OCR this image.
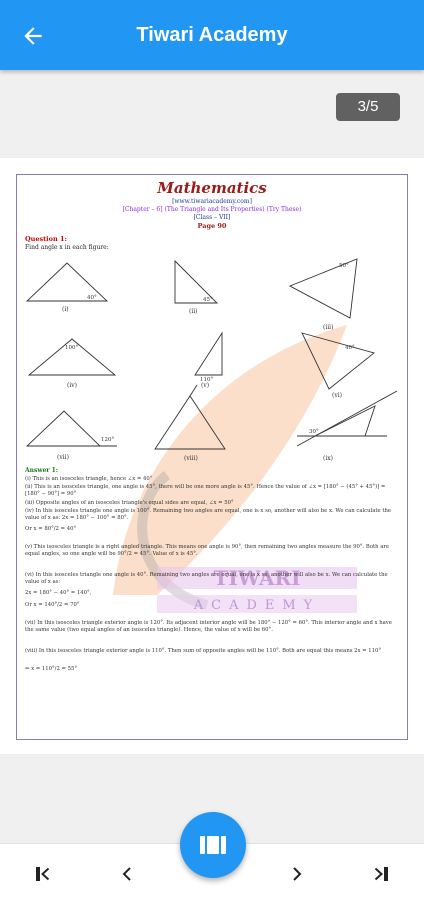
Tiwari Academy
3/5
TIWARI
ACADEMY
Mathematics
[www.tiwariacademy.com]
[Chapter – 6] (The Triangle and Its Properties) (Try These)
[Class – VII]
Page 90
Question 1:
Find angle x in each figure:
(i)	(ii)
(iii)
(iv)	(v)
(vi)
(vii)	(viii)	(ix)
40°	45°
50°
100°	40°
120°
110°
30°
Answer 1:
(i) This is an isosceles triangle, hence ∠x = 40°
(ii) This is an isosceles triangle, one angle is 45°, there will be one more angle is 45°. Hence the value of ∠x = [180° − (45° + 45°)] = [180° − 90°] = 90°
(iii) Opposite angles of an isosceles triangle's equal sides are equal, ∠x = 50°
(iv) In this isosceles triangle one angle is 100°. Remaining two angles are equal, one is x so, another will also be x. We can calculate the value of x as: 2x = 180° − 100° = 80°.
Or x = 80°/2 = 40°
(v) This isosceles triangle is a right angled triangle. This means one angle is 90°, then remaining two angles measure the 90°. Both are equal angles, so one angle will be 90°/2 = 45°. Value of x is 45°.
(vi) In this isosceles triangle one angle is 40°. Remaining two angles are equal, one is x so, another will also be x. We can calculate the value of x as:
2x = 180° − 40° = 140°,
Or x = 140°/2 = 70°
(vii) In this isosceles triangle exterior angle is 120°. Its adjacent interior angle will be 180° − 120° = 60°. This interior angle and x have the same value (two equal angles of an isosceles triangle). Hence, the value of x will be 60°.
(viii) In this isosceles triangle exterior angle is 110°. Then sum of opposite angles will be 110°. Both are equal this means 2x = 110°
⇒ x = 110°/2 = 55°
